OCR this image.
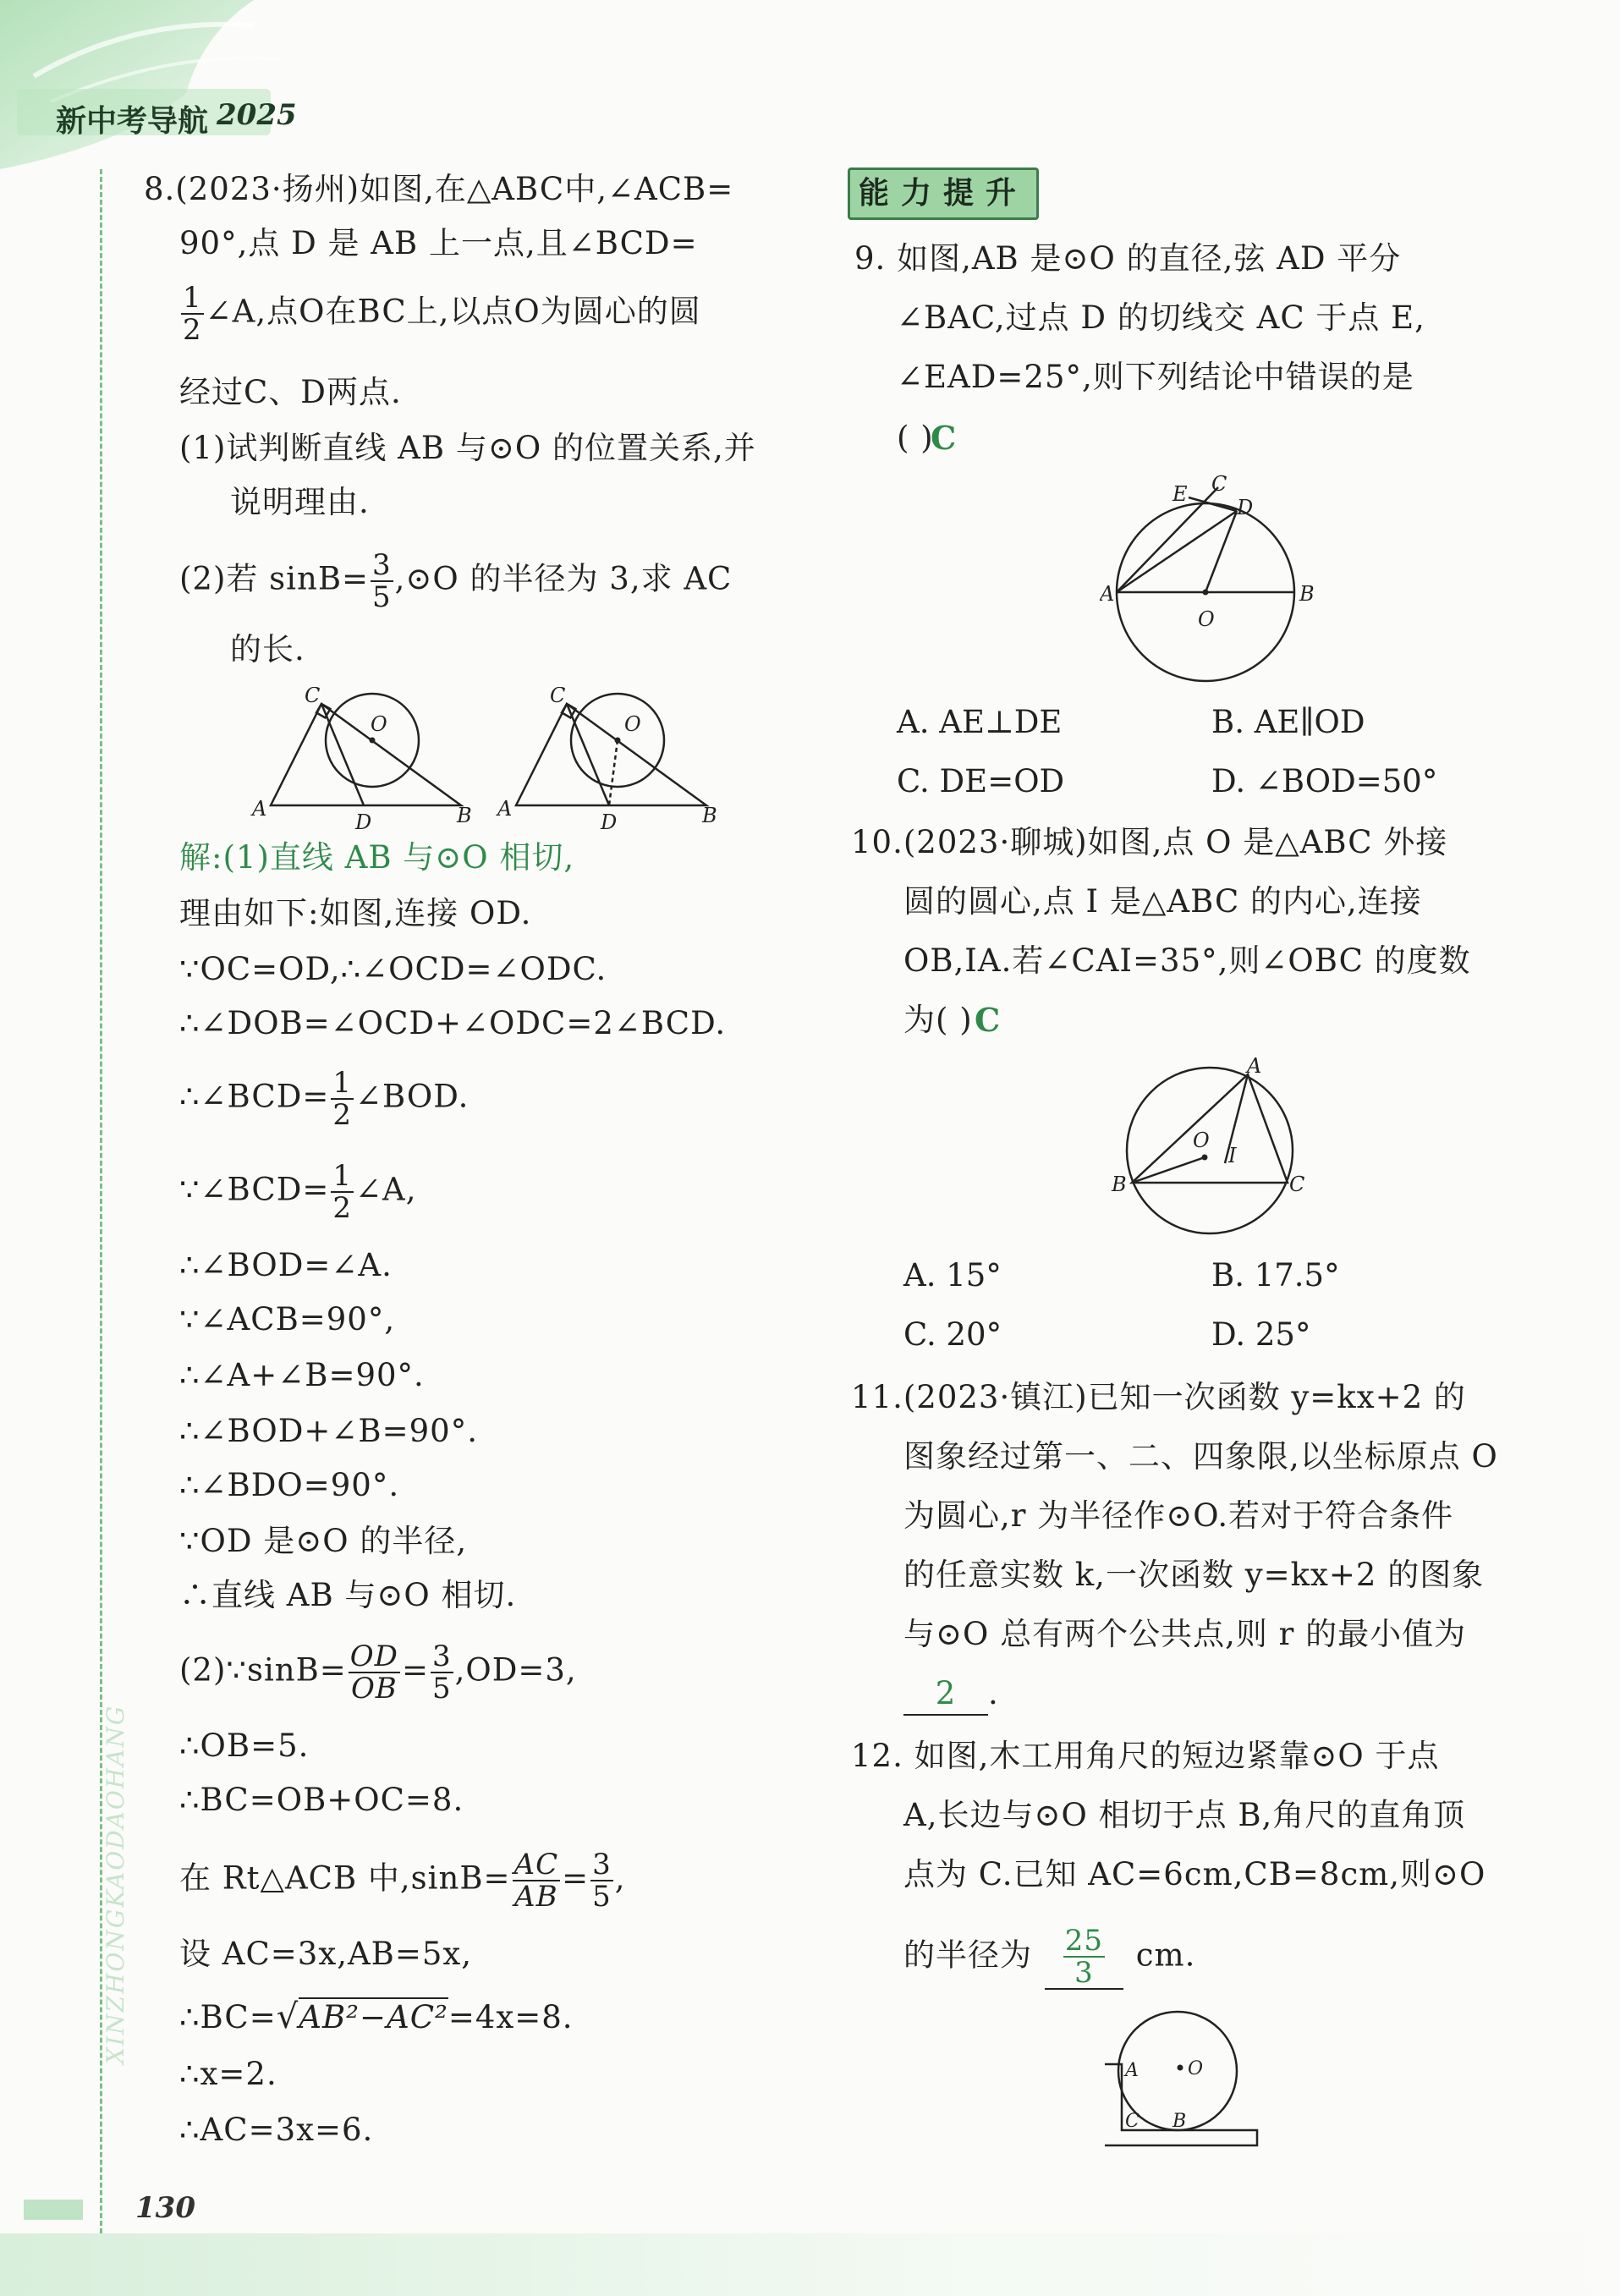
新中考导航 2025
XINZHONGKAODAOHANG
130
8.(2023·扬州)如图,在△ABC中,∠ACB=
90°,点 D 是 AB 上一点,且∠BCD=
$\frac{1}{2}$ ∠A,点O在BC上,以点O为圆心的圆
经过C、D两点.
(1)试判断直线 AB 与⊙O 的位置关系,并
说明理由.
(2)若 $\sin B= \frac{3}{5}$ ,⊙O 的半径为 3,求 AC
的长.
C
O
A
D	B
C
O
A
D	B
解:(1)直线 AB 与⊙O 相切,
理由如下:如图,连接 OD.
∵OC=OD,∴∠OCD=∠ODC.
∴∠DOB=∠OCD+∠ODC=2∠BCD.
∴∠BCD= $\frac{1}{2}$ ∠BOD.
∵∠BCD= $\frac{1}{2}$ ∠A,
∴∠BOD=∠A.
∵∠ACB=90°,
∴∠A+∠B=90°.
∴∠BOD+∠B=90°.
∴∠BDO=90°.
∵OD 是⊙O 的半径,
∴直线 AB 与⊙O 相切.
(2)∵sinB= $\frac{OD}{OB} = \frac{3}{5} ,OD=3$,
∴OB=5.
∴BC=OB+OC=8.
在 Rt△ACB 中$,\sin B= \frac{AC}{AB} = \frac{3}{5}$ ,
设 AC=3x,AB=5x,
∴BC=√AB²−AC²=4x=8.
∴x=2.
∴AC=3x=6.
能力提升
9. 如图,AB 是⊙O 的直径,弦 AD 平分
∠BAC,过点 D 的切线交 AC 于点 E,
∠EAD=25°,则下列结论中错误的是
( )
C
E C
D
A
O
B
A. AE⊥DE	B. AE∥OD
C. DE=OD	D. ∠BOD=50°
10.(2023·聊城)如图,点 O 是△ABC 外接
圆的圆心,点 I 是△ABC 的内心,连接
OB,IA.若∠CAI=35°,则∠OBC 的度数
为( ) C
A
O
I
B	C
A. 15°	B. 17.5°
C. 20°	D. 25°
11.(2023·镇江)已知一次函数 y=kx+2 的
图象经过第一、二、四象限,以坐标原点 O
为圆心,r 为半径作⊙O.若对于符合条件
的任意实数 k,一次函数 y=kx+2 的图象
与⊙O 总有两个公共点,则 r 的最小值为
2 .
12. 如图,木工用角尺的短边紧靠⊙O 于点
A,长边与⊙O 相切于点 B,角尺的直角顶
点为 C.已知 AC=6cm,CB=8cm,则⊙O
的半径为 $\frac{25}{3}$ cm.
A	O
C B
